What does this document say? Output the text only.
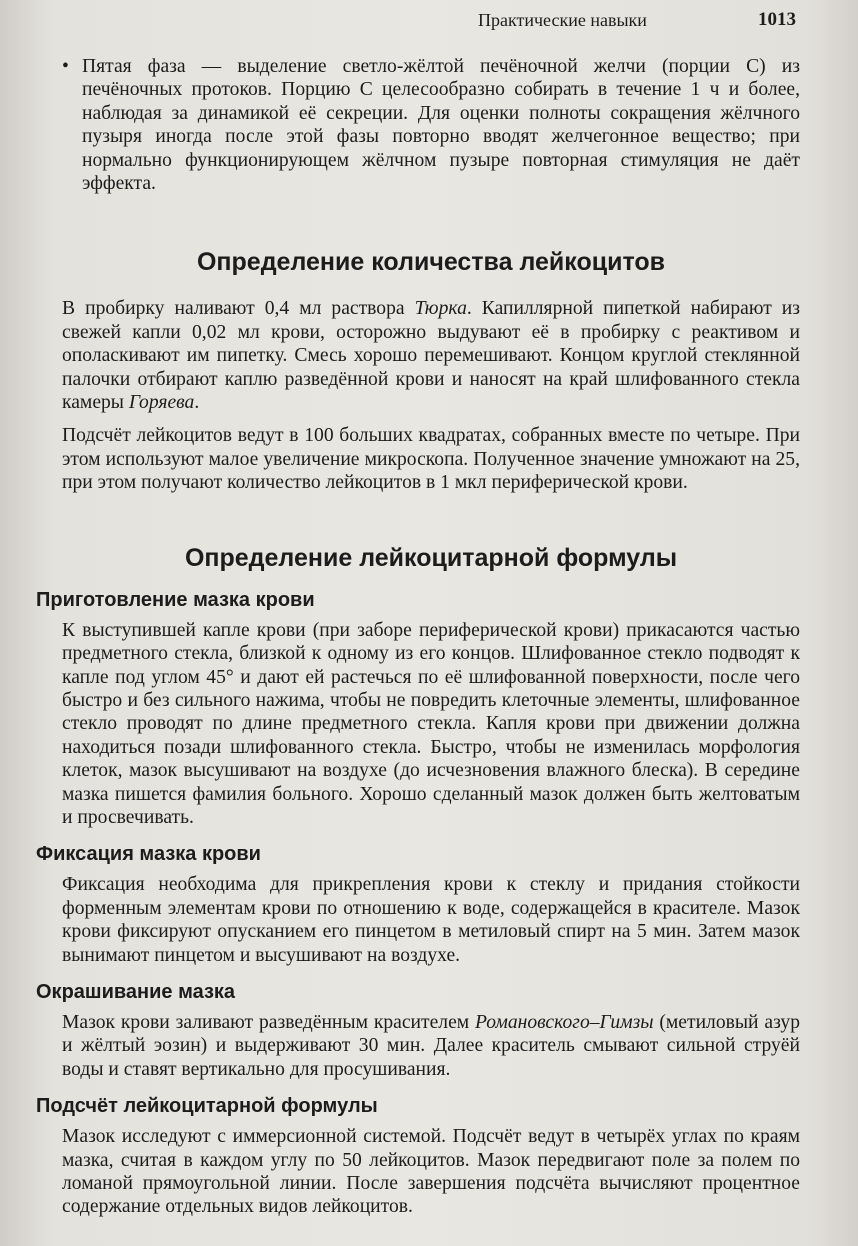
Практические навыки	1013
• Пятая фаза — выделение светло-жёлтой печёночной желчи (порции С) из печёночных протоков. Порцию С целесообразно собирать в течение 1 ч и более, наблюдая за динамикой её секреции. Для оценки полноты сокращения жёлчного пузыря иногда после этой фазы повторно вводят желчегонное вещество; при нормально функционирующем жёлчном пузыре повторная стимуляция не даёт эффекта.
Определение количества лейкоцитов

В пробирку наливают 0,4 мл раствора Тюрка. Капиллярной пипеткой набирают из свежей капли 0,02 мл крови, осторожно выдувают её в пробирку с реактивом и ополаскивают им пипетку. Смесь хорошо перемешивают. Концом круглой стеклянной палочки отбирают каплю разведённой крови и наносят на край шлифованного стекла камеры Горяева.

Подсчёт лейкоцитов ведут в 100 больших квадратах, собранных вместе по четыре. При этом используют малое увеличение микроскопа. Полученное значение умножают на 25, при этом получают количество лейкоцитов в 1 мкл периферической крови.

Определение лейкоцитарной формулы
Приготовление мазка крови

К выступившей капле крови (при заборе периферической крови) прикасаются частью предметного стекла, близкой к одному из его концов. Шлифованное стекло подводят к капле под углом 45° и дают ей растечься по её шлифованной поверхности, после чего быстро и без сильного нажима, чтобы не повредить клеточные элементы, шлифованное стекло проводят по длине предметного стекла. Капля крови при движении должна находиться позади шлифованного стекла. Быстро, чтобы не изменилась морфология клеток, мазок высушивают на воздухе (до исчезновения влажного блеска). В середине мазка пишется фамилия больного. Хорошо сделанный мазок должен быть желтоватым и просвечивать.

Фиксация мазка крови

Фиксация необходима для прикрепления крови к стеклу и придания стойкости форменным элементам крови по отношению к воде, содержащейся в красителе. Мазок крови фиксируют опусканием его пинцетом в метиловый спирт на 5 мин. Затем мазок вынимают пинцетом и высушивают на воздухе.

Окрашивание мазка

Мазок крови заливают разведённым красителем Романовского–Гимзы (метиловый азур и жёлтый эозин) и выдерживают 30 мин. Далее краситель смывают сильной струёй воды и ставят вертикально для просушивания.

Подсчёт лейкоцитарной формулы

Мазок исследуют с иммерсионной системой. Подсчёт ведут в четырёх углах по краям мазка, считая в каждом углу по 50 лейкоцитов. Мазок передвигают поле за полем по ломаной прямоугольной линии. После завершения подсчёта вычисляют процентное содержание отдельных видов лейкоцитов.
